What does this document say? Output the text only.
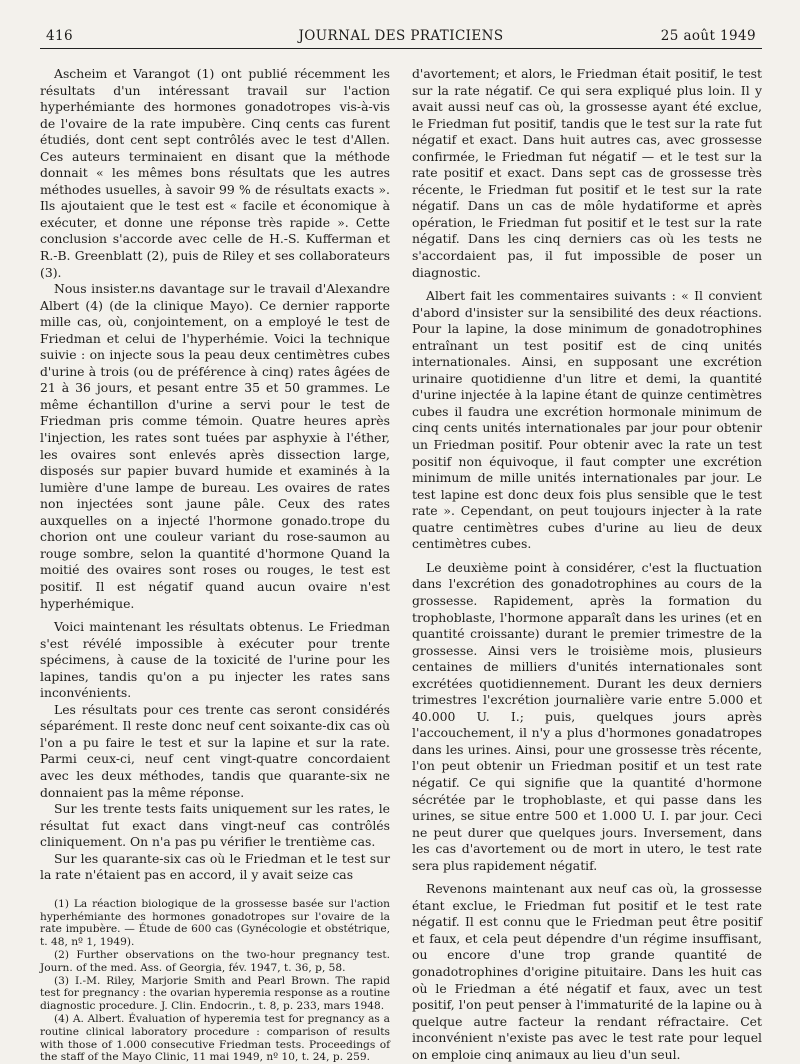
416	JOURNAL DES PRATICIENS	25 août 1949

Ascheim et Varangot (1) ont publié récemment les résultats d'un intéressant travail sur l'action hyperhémiante des hormones gonadotropes vis-à-vis de l'ovaire de la rate impubère. Cinq cents cas furent étudiés, dont cent sept contrôlés avec le test d'Allen. Ces auteurs terminaient en disant que la méthode donnait « les mêmes bons résultats que les autres méthodes usuelles, à savoir 99 % de résultats exacts ». Ils ajoutaient que le test est « facile et économique à exécuter, et donne une réponse très rapide ». Cette conclusion s'accorde avec celle de H.-S. Kufferman et R.-B. Greenblatt (2), puis de Riley et ses collaborateurs (3).

Nous insister.ns davantage sur le travail d'Alexandre Albert (4) (de la clinique Mayo). Ce dernier rapporte mille cas, où, conjointement, on a employé le test de Friedman et celui de l'hyperhémie. Voici la technique suivie : on injecte sous la peau deux centimètres cubes d'urine à trois (ou de préférence à cinq) rates âgées de 21 à 36 jours, et pesant entre 35 et 50 grammes. Le même échantillon d'urine a servi pour le test de Friedman pris comme témoin. Quatre heures après l'injection, les rates sont tuées par asphyxie à l'éther, les ovaires sont enlevés après dissection large, disposés sur papier buvard humide et examinés à la lumière d'une lampe de bureau. Les ovaires de rates non injectées sont jaune pâle. Ceux des rates auxquelles on a injecté l'hormone gonado.trope du chorion ont une couleur variant du rose-saumon au rouge sombre, selon la quantité d'hormone Quand la moitié des ovaires sont roses ou rouges, le test est positif. Il est négatif quand aucun ovaire n'est hyperhémique.

Voici maintenant les résultats obtenus. Le Friedman s'est révélé impossible à exécuter pour trente spécimens, à cause de la toxicité de l'urine pour les lapines, tandis qu'on a pu injecter les rates sans inconvénients.

Les résultats pour ces trente cas seront considérés séparément. Il reste donc neuf cent soixante-dix cas où l'on a pu faire le test et sur la lapine et sur la rate. Parmi ceux-ci, neuf cent vingt-quatre concordaient avec les deux méthodes, tandis que quarante-six ne donnaient pas la même réponse.

Sur les trente tests faits uniquement sur les rates, le résultat fut exact dans vingt-neuf cas contrôlés cliniquement. On n'a pas pu vérifier le trentième cas.

Sur les quarante-six cas où le Friedman et le test sur la rate n'étaient pas en accord, il y avait seize cas

(1) La réaction biologique de la grossesse basée sur l'action hyperhémiante des hormones gonadotropes sur l'ovaire de la rate impubère. — Étude de 600 cas (Gynécologie et obstétrique, t. 48, nº 1, 1949).

(2) Further observations on the two-hour pregnancy test. Journ. of the med. Ass. of Georgia, fév. 1947, t. 36, p, 58.

(3) I.-M. Riley, Marjorie Smith and Pearl Brown. The rapid test for pregnancy : the ovarian hyperemia response as a routine diagnostic procedure. J. Clin. Endocrin., t. 8, p. 233, mars 1948.

(4) A. Albert. Évaluation of hyperemia test for pregnancy as a routine clinical laboratory procedure : comparison of results with those of 1.000 consecutive Friedman tests. Proceedings of the staff of the Mayo Clinic, 11 mai 1949, nº 10, t. 24, p. 259.

d'avortement; et alors, le Friedman était positif, le test sur la rate négatif. Ce qui sera expliqué plus loin. Il y avait aussi neuf cas où, la grossesse ayant été exclue, le Friedman fut positif, tandis que le test sur la rate fut négatif et exact. Dans huit autres cas, avec grossesse confirmée, le Friedman fut négatif — et le test sur la rate positif et exact. Dans sept cas de grossesse très récente, le Friedman fut positif et le test sur la rate négatif. Dans un cas de môle hydatiforme et après opération, le Friedman fut positif et le test sur la rate négatif. Dans les cinq derniers cas où les tests ne s'accordaient pas, il fut impossible de poser un diagnostic.

Albert fait les commentaires suivants : « Il convient d'abord d'insister sur la sensibilité des deux réactions. Pour la lapine, la dose minimum de gonadotrophines entraînant un test positif est de cinq unités internationales. Ainsi, en supposant une excrétion urinaire quotidienne d'un litre et demi, la quantité d'urine injectée à la lapine étant de quinze centimètres cubes il faudra une excrétion hormonale minimum de cinq cents unités internationales par jour pour obtenir un Friedman positif. Pour obtenir avec la rate un test positif non équivoque, il faut compter une excrétion minimum de mille unités internationales par jour. Le test lapine est donc deux fois plus sensible que le test rate ». Cependant, on peut toujours injecter à la rate quatre centimètres cubes d'urine au lieu de deux centimètres cubes.

Le deuxième point à considérer, c'est la fluctuation dans l'excrétion des gonadotrophines au cours de la grossesse. Rapidement, après la formation du trophoblaste, l'hormone apparaît dans les urines (et en quantité croissante) durant le premier trimestre de la grossesse. Ainsi vers le troisième mois, plusieurs centaines de milliers d'unités internationales sont excrétées quotidiennement. Durant les deux derniers trimestres l'excrétion journalière varie entre 5.000 et 40.000 U. I.; puis, quelques jours après l'accouchement, il n'y a plus d'hormones gonadatropes dans les urines. Ainsi, pour une grossesse très récente, l'on peut obtenir un Friedman positif et un test rate négatif. Ce qui signifie que la quantité d'hormone sécrétée par le trophoblaste, et qui passe dans les urines, se situe entre 500 et 1.000 U. I. par jour. Ceci ne peut durer que quelques jours. Inversement, dans les cas d'avortement ou de mort in utero, le test rate sera plus rapidement négatif.

Revenons maintenant aux neuf cas où, la grossesse étant exclue, le Friedman fut positif et le test rate négatif. Il est connu que le Friedman peut être positif et faux, et cela peut dépendre d'un régime insuffisant, ou encore d'une trop grande quantité de gonadotrophines d'origine pituitaire. Dans les huit cas où le Friedman a été négatif et faux, avec un test positif, l'on peut penser à l'immaturité de la lapine ou à quelque autre facteur la rendant réfractaire. Cet inconvénient n'existe pas avec le test rate pour lequel on emploie cinq animaux au lieu d'un seul.
